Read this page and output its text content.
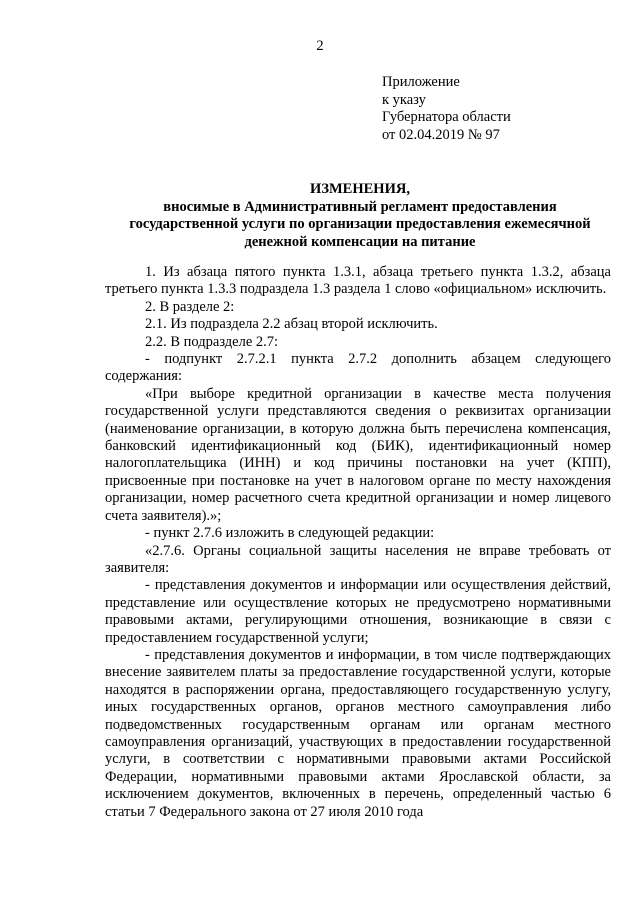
2
Приложение
к указу
Губернатора области
от 02.04.2019 № 97
ИЗМЕНЕНИЯ,
вносимые в Административный регламент предоставления
государственной услуги по организации предоставления ежемесячной
денежной компенсации на питание

1. Из абзаца пятого пункта 1.3.1, абзаца третьего пункта 1.3.2, абзаца третьего пункта 1.3.3 подраздела 1.3 раздела 1 слово «официальном» исключить.

2. В разделе 2:

2.1. Из подраздела 2.2 абзац второй исключить.

2.2. В подразделе 2.7:

- подпункт 2.7.2.1 пункта 2.7.2 дополнить абзацем следующего содержания:

«При выборе кредитной организации в качестве места получения государственной услуги представляются сведения о реквизитах организации (наименование организации, в которую должна быть перечислена компенсация, банковский идентификационный код (БИК), идентификационный номер налогоплательщика (ИНН) и код причины постановки на учет (КПП), присвоенные при постановке на учет в налоговом органе по месту нахождения организации, номер расчетного счета кредитной организации и номер лицевого счета заявителя).»;

- пункт 2.7.6 изложить в следующей редакции:

«2.7.6. Органы социальной защиты населения не вправе требовать от заявителя:

- представления документов и информации или осуществления действий, представление или осуществление которых не предусмотрено нормативными правовыми актами, регулирующими отношения, возникающие в связи с предоставлением государственной услуги;

- представления документов и информации, в том числе подтверждающих внесение заявителем платы за предоставление государственной услуги, которые находятся в распоряжении органа, предоставляющего государственную услугу, иных государственных органов, органов местного самоуправления либо подведомственных государственным органам или органам местного самоуправления организаций, участвующих в предоставлении государственной услуги, в соответствии с нормативными правовыми актами Российской Федерации, нормативными правовыми актами Ярославской области, за исключением документов, включенных в перечень, определенный частью 6 статьи 7 Федерального закона от 27 июля 2010 года
